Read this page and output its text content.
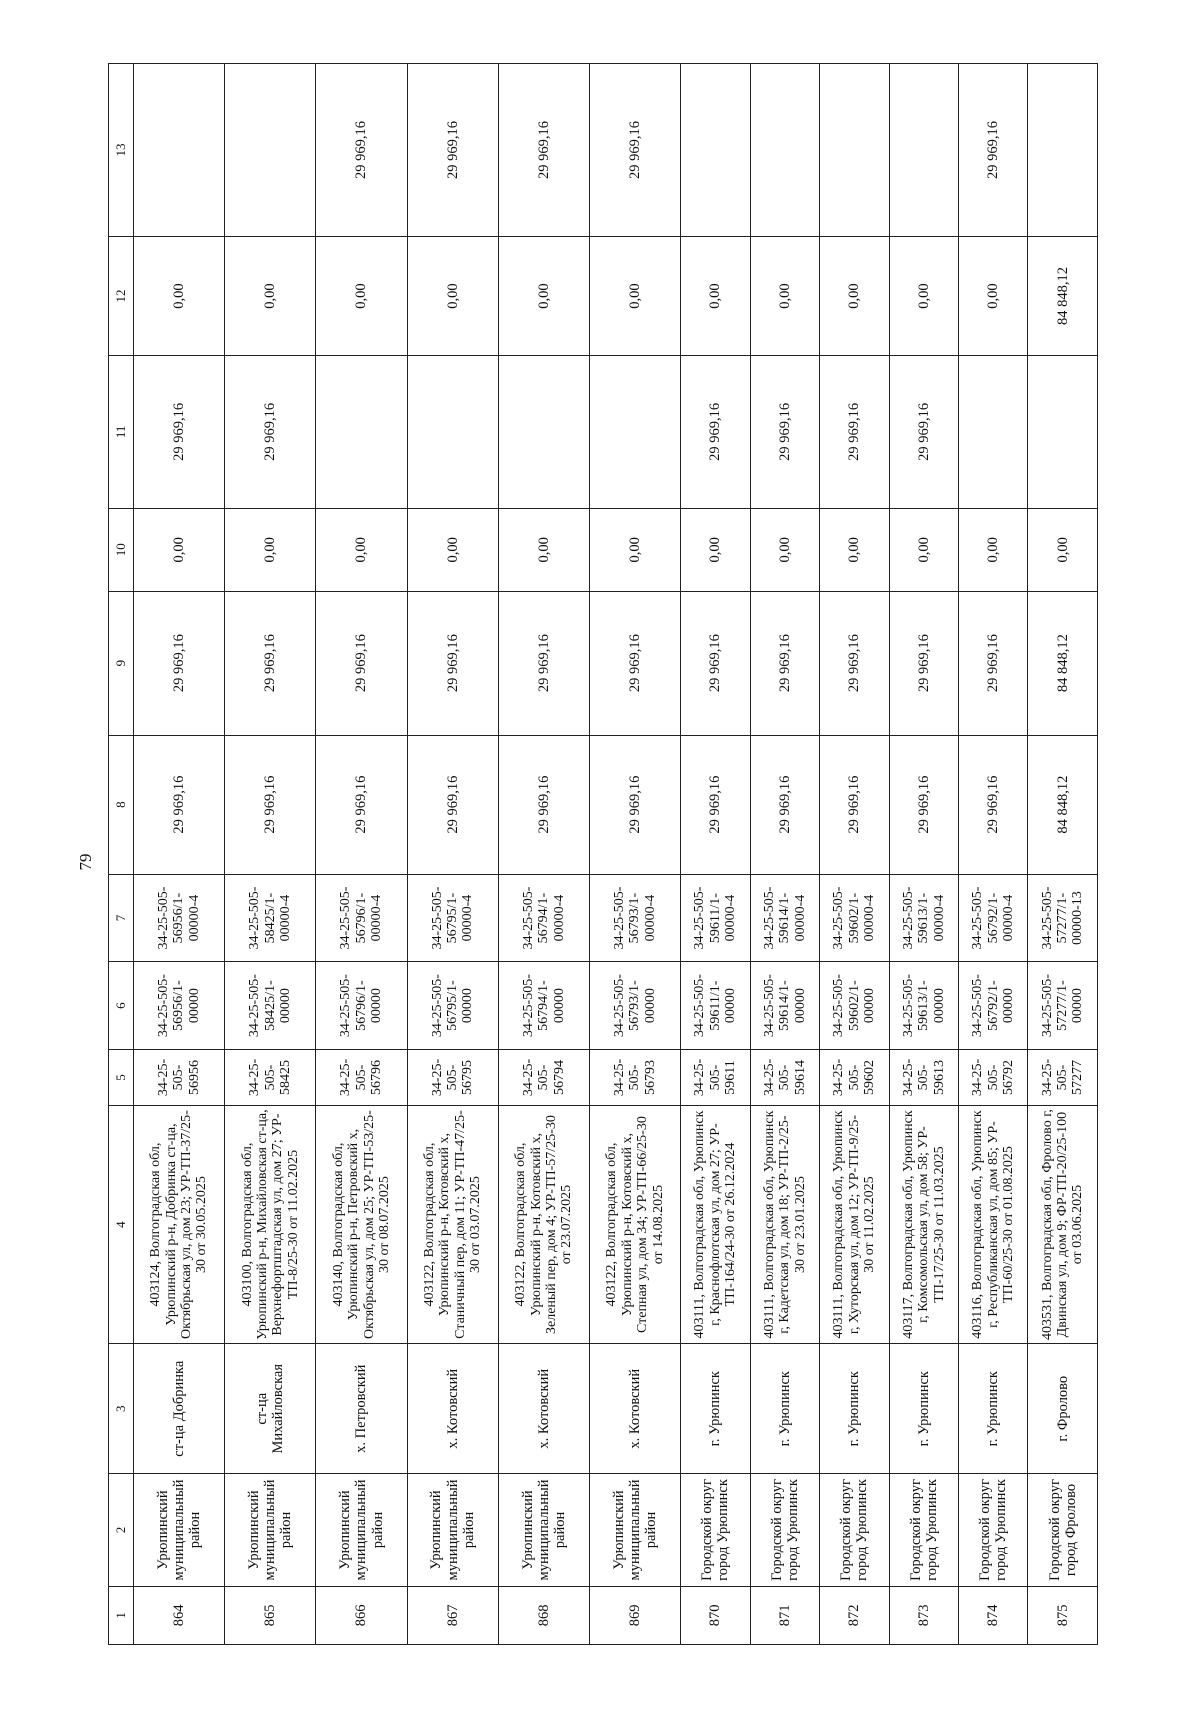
79
1	2	3	4	5	6	7	8	9	10	11	12	13
864	Урюпинский муниципальный район	ст-ца Добринка	403124, Волгоградская обл, Урюпинский р-н, Добринка ст-ца, Октябрьская ул, дом 23; УР-ТП-37/25-30 от 30.05.2025	34-25-505-56956	34-25-505-56956/1-00000	34-25-505-56956/1-00000-4	29 969,16	29 969,16	0,00	29 969,16	0,00	
865	Урюпинский муниципальный район	ст-ца Михайловская	403100, Волгоградская обл, Урюпинский р-н, Михайловская ст-ца, Верхнефортштадская ул, дом 27; УР-ТП-8/25-30 от 11.02.2025	34-25-505-58425	34-25-505-58425/1-00000	34-25-505-58425/1-00000-4	29 969,16	29 969,16	0,00	29 969,16	0,00	
866	Урюпинский муниципальный район	х. Петровский	403140, Волгоградская обл, Урюпинский р-н, Петровский х, Октябрьская ул, дом 25; УР-ТП-53/25-30 от 08.07.2025	34-25-505-56796	34-25-505-56796/1-00000	34-25-505-56796/1-00000-4	29 969,16	29 969,16	0,00		0,00	29 969,16
867	Урюпинский муниципальный район	х. Котовский	403122, Волгоградская обл, Урюпинский р-н, Котовский х, Станичный пер, дом 11; УР-ТП-47/25-30 от 03.07.2025	34-25-505-56795	34-25-505-56795/1-00000	34-25-505-56795/1-00000-4	29 969,16	29 969,16	0,00		0,00	29 969,16
868	Урюпинский муниципальный район	х. Котовский	403122, Волгоградская обл, Урюпинский р-н, Котовский х, Зеленый пер, дом 4; УР-ТП-57/25-30 от 23.07.2025	34-25-505-56794	34-25-505-56794/1-00000	34-25-505-56794/1-00000-4	29 969,16	29 969,16	0,00		0,00	29 969,16
869	Урюпинский муниципальный район	х. Котовский	403122, Волгоградская обл, Урюпинский р-н, Котовский х, Степная ул, дом 34; УР-ТП-66/25-30 от 14.08.2025	34-25-505-56793	34-25-505-56793/1-00000	34-25-505-56793/1-00000-4	29 969,16	29 969,16	0,00		0,00	29 969,16
870	Городской округ город Урюпинск	г. Урюпинск	403111, Волгоградская обл, Урюпинск г, Краснофлотская ул, дом 27; УР-ТП-164/24-30 от 26.12.2024	34-25-505-59611	34-25-505-59611/1-00000	34-25-505-59611/1-00000-4	29 969,16	29 969,16	0,00	29 969,16	0,00	
871	Городской округ город Урюпинск	г. Урюпинск	403111, Волгоградская обл, Урюпинск г, Кадетская ул, дом 18; УР-ТП-2/25-30 от 23.01.2025	34-25-505-59614	34-25-505-59614/1-00000	34-25-505-59614/1-00000-4	29 969,16	29 969,16	0,00	29 969,16	0,00	
872	Городской округ город Урюпинск	г. Урюпинск	403111, Волгоградская обл, Урюпинск г, Хуторская ул, дом 12; УР-ТП-9/25-30 от 11.02.2025	34-25-505-59602	34-25-505-59602/1-00000	34-25-505-59602/1-00000-4	29 969,16	29 969,16	0,00	29 969,16	0,00	
873	Городской округ город Урюпинск	г. Урюпинск	403117, Волгоградская обл, Урюпинск г, Комсомольская ул, дом 58; УР-ТП-17/25-30 от 11.03.2025	34-25-505-59613	34-25-505-59613/1-00000	34-25-505-59613/1-00000-4	29 969,16	29 969,16	0,00	29 969,16	0,00	
874	Городской округ город Урюпинск	г. Урюпинск	403116, Волгоградская обл, Урюпинск г, Республиканская ул, дом 85; УР-ТП-60/25-30 от 01.08.2025	34-25-505-56792	34-25-505-56792/1-00000	34-25-505-56792/1-00000-4	29 969,16	29 969,16	0,00		0,00	29 969,16
875	Городской округ город Фролово	г. Фролово	403531, Волгоградская обл, Фролово г, Двинская ул, дом 9; ФР-ТП-20/25-100 от 03.06.2025	34-25-505-57277	34-25-505-57277/1-00000	34-25-505-57277/1-00000-13	84 848,12	84 848,12	0,00		84 848,12	
